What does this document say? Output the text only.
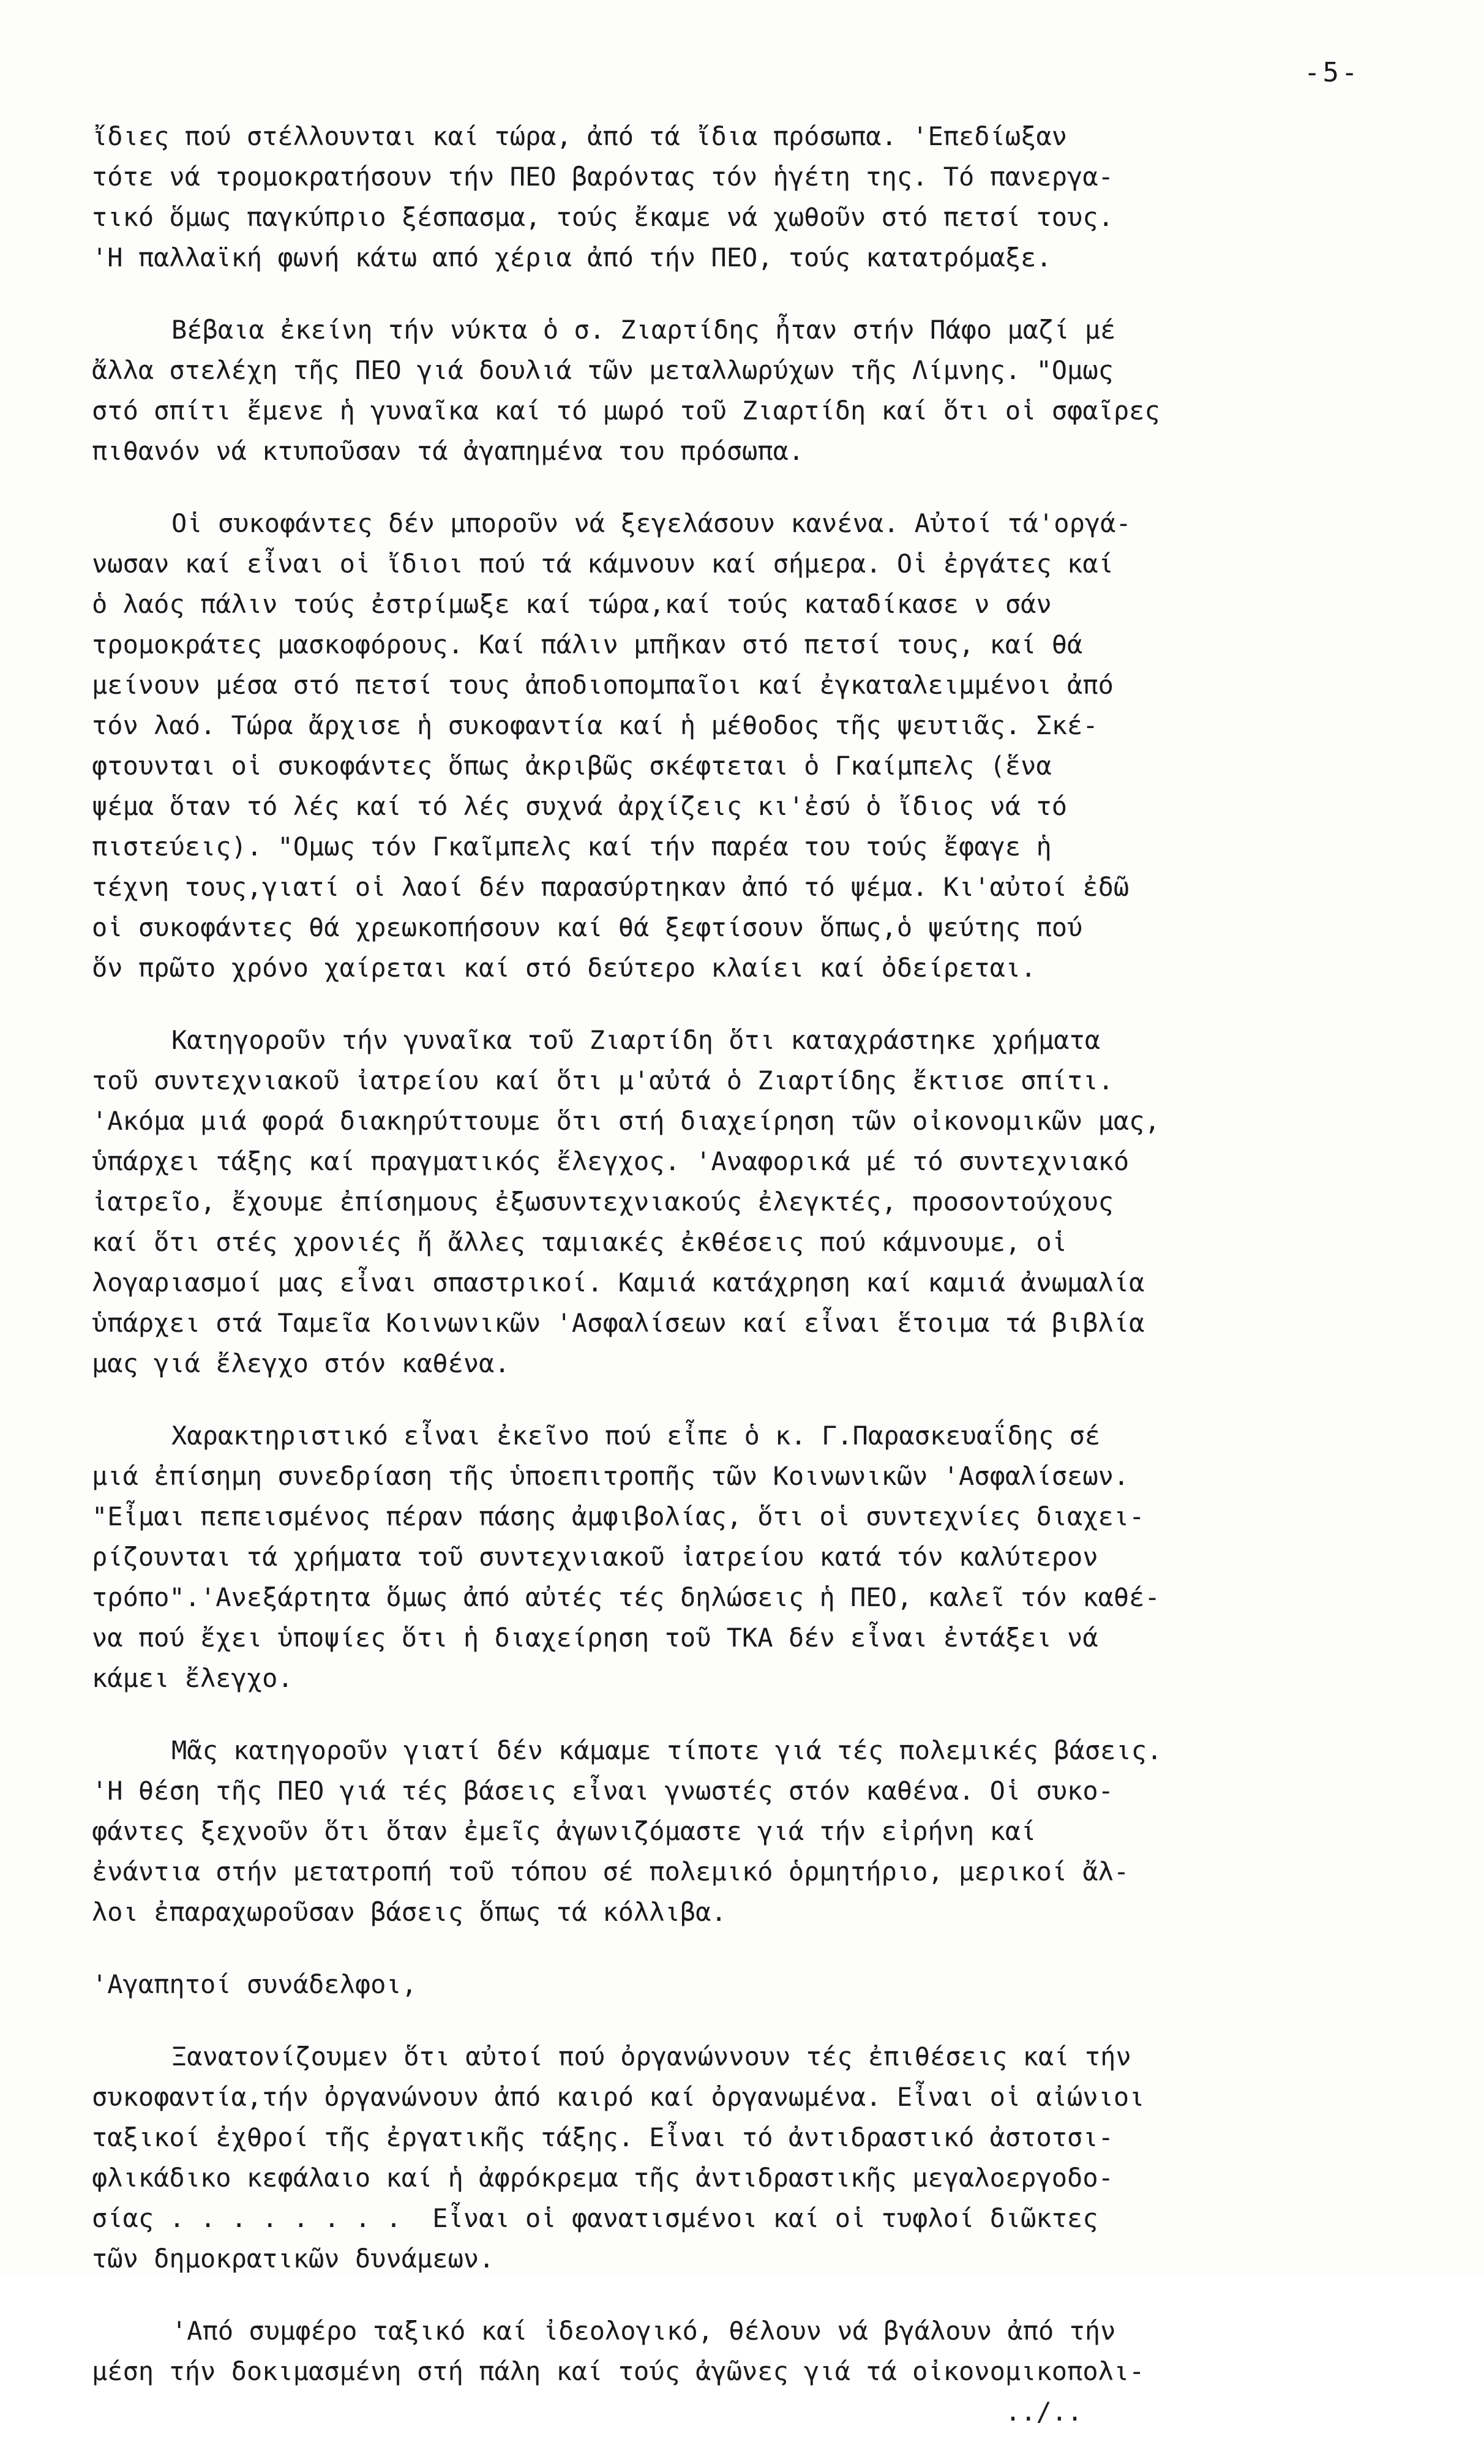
-5-
ἴδιες πού στέλλουνται καί τώρα, ἀπό τά ἴδια πρόσωπα. 'Επεδίωξαν
τότε νά τρομοκρατήσουν τήν ΠΕΟ βαρόντας τόν ἡγέτη της. Τό πανεργα-
τικό ὅμως παγκύπριο ξέσπασμα, τούς ἔκαμε νά χωθοῦν στό πετσί τους.
'Η παλλαϊκή φωνή κάτω από χέρια ἀπό τήν ΠΕΟ, τούς κατατρόμαξε.
Βέβαια ἐκείνη τήν νύκτα ὁ σ. Ζιαρτίδης ἦταν στήν Πάφο μαζί μέ
ἄλλα στελέχη τῆς ΠΕΟ γιά δουλιά τῶν μεταλλωρύχων τῆς Λίμνης. "Ομως
στό σπίτι ἔμενε ἡ γυναῖκα καί τό μωρό τοῦ Ζιαρτίδη καί ὅτι οἱ σφαῖρες
πιθανόν νά κτυποῦσαν τά ἀγαπημένα του πρόσωπα.
Οἱ συκοφάντες δέν μποροῦν νά ξεγελάσουν κανένα. Αὐτοί τά'οργά-
νωσαν καί εἶναι οἱ ἴδιοι πού τά κάμνουν καί σήμερα. Οἱ ἐργάτες καί
ὁ λαός πάλιν τούς ἐστρίμωξε καί τώρα,καί τούς καταδίκασε ν σάν
τρομοκράτες μασκοφόρους. Καί πάλιν μπῆκαν στό πετσί τους, καί θά
μείνουν μέσα στό πετσί τους ἀποδιοπομπαῖοι καί ἐγκαταλειμμένοι ἀπό
τόν λαό. Τώρα ἄρχισε ἡ συκοφαντία καί ἡ μέθοδος τῆς ψευτιᾶς. Σκέ-
φτουνται οἱ συκοφάντες ὅπως ἀκριβῶς σκέφτεται ὁ Γκαίμπελς (ἕνα
ψέμα ὅταν τό λές καί τό λές συχνά ἀρχίζεις κι'ἐσύ ὁ ἴδιος νά τό
πιστεύεις). "Ομως τόν Γκαῖμπελς καί τήν παρέα του τούς ἔφαγε ἡ
τέχνη τους,γιατί οἱ λαοί δέν παρασύρτηκαν ἀπό τό ψέμα. Κι'αὐτοί ἐδῶ
οἱ συκοφάντες θά χρεωκοπήσουν καί θά ξεφτίσουν ὅπως,ὁ ψεύτης πού
ὅν πρῶτο χρόνο χαίρεται καί στό δεύτερο κλαίει καί ὀδείρεται.
Κατηγοροῦν τήν γυναῖκα τοῦ Ζιαρτίδη ὅτι καταχράστηκε χρήματα
τοῦ συντεχνιακοῦ ἰατρείου καί ὅτι μ'αὐτά ὁ Ζιαρτίδης ἔκτισε σπίτι.
'Ακόμα μιά φορά διακηρύττουμε ὅτι στή διαχείρηση τῶν οἰκονομικῶν μας,
ὑπάρχει τάξης καί πραγματικός ἔλεγχος. 'Αναφορικά μέ τό συντεχνιακό
ἰατρεῖο, ἔχουμε ἐπίσημους ἐξωσυντεχνιακούς ἐλεγκτές, προσοντούχους
καί ὅτι στές χρονιές ἤ ἄλλες ταμιακές ἐκθέσεις πού κάμνουμε, οἱ
λογαριασμοί μας εἶναι σπαστρικοί. Καμιά κατάχρηση καί καμιά ἀνωμαλία
ὑπάρχει στά Ταμεῖα Κοινωνικῶν 'Ασφαλίσεων καί εἶναι ἕτοιμα τά βιβλία
μας γιά ἔλεγχο στόν καθένα.
Χαρακτηριστικό εἶναι ἐκεῖνο πού εἶπε ὁ κ. Γ.Παρασκευαΐδης σέ
μιά ἐπίσημη συνεδρίαση τῆς ὑποεπιτροπῆς τῶν Κοινωνικῶν 'Ασφαλίσεων.
"Εἶμαι πεπεισμένος πέραν πάσης ἀμφιβολίας, ὅτι οἱ συντεχνίες διαχει-
ρίζουνται τά χρήματα τοῦ συντεχνιακοῦ ἰατρείου κατά τόν καλύτερον
τρόπο".'Ανεξάρτητα ὅμως ἀπό αὐτές τές δηλώσεις ἡ ΠΕΟ, καλεῖ τόν καθέ-
να πού ἔχει ὑποψίες ὅτι ἡ διαχείρηση τοῦ ΤΚΑ δέν εἶναι ἐντάξει νά
κάμει ἔλεγχο.
Μᾶς κατηγοροῦν γιατί δέν κάμαμε τίποτε γιά τές πολεμικές βάσεις.
'Η θέση τῆς ΠΕΟ γιά τές βάσεις εἶναι γνωστές στόν καθένα. Οἱ συκο-
φάντες ξεχνοῦν ὅτι ὅταν ἐμεῖς ἀγωνιζόμαστε γιά τήν εἰρήνη καί
ἐνάντια στήν μετατροπή τοῦ τόπου σέ πολεμικό ὁρμητήριο, μερικοί ἄλ-
λοι ἐπαραχωροῦσαν βάσεις ὅπως τά κόλλιβα.
'Αγαπητοί συνάδελφοι,
Ξανατονίζουμεν ὅτι αὐτοί πού ὀργανώννουν τές ἐπιθέσεις καί τήν
συκοφαντία,τήν ὀργανώνουν ἀπό καιρό καί ὀργανωμένα. Εἶναι οἱ αἰώνιοι
ταξικοί ἐχθροί τῆς ἐργατικῆς τάξης. Εἶναι τό ἀντιδραστικό ἀστοτσι-
φλικάδικο κεφάλαιο καί ἡ ἀφρόκρεμα τῆς ἀντιδραστικῆς μεγαλοεργοδο-
σίας . . . . . . . .  Εἶναι οἱ φανατισμένοι καί οἱ τυφλοί διῶκτες
τῶν δημοκρατικῶν δυνάμεων.
'Από συμφέρο ταξικό καί ἰδεολογικό, θέλουν νά βγάλουν ἀπό τήν
μέση τήν δοκιμασμένη στή πάλη καί τούς ἀγῶνες γιά τά οἰκονομικοπολι-
../..
